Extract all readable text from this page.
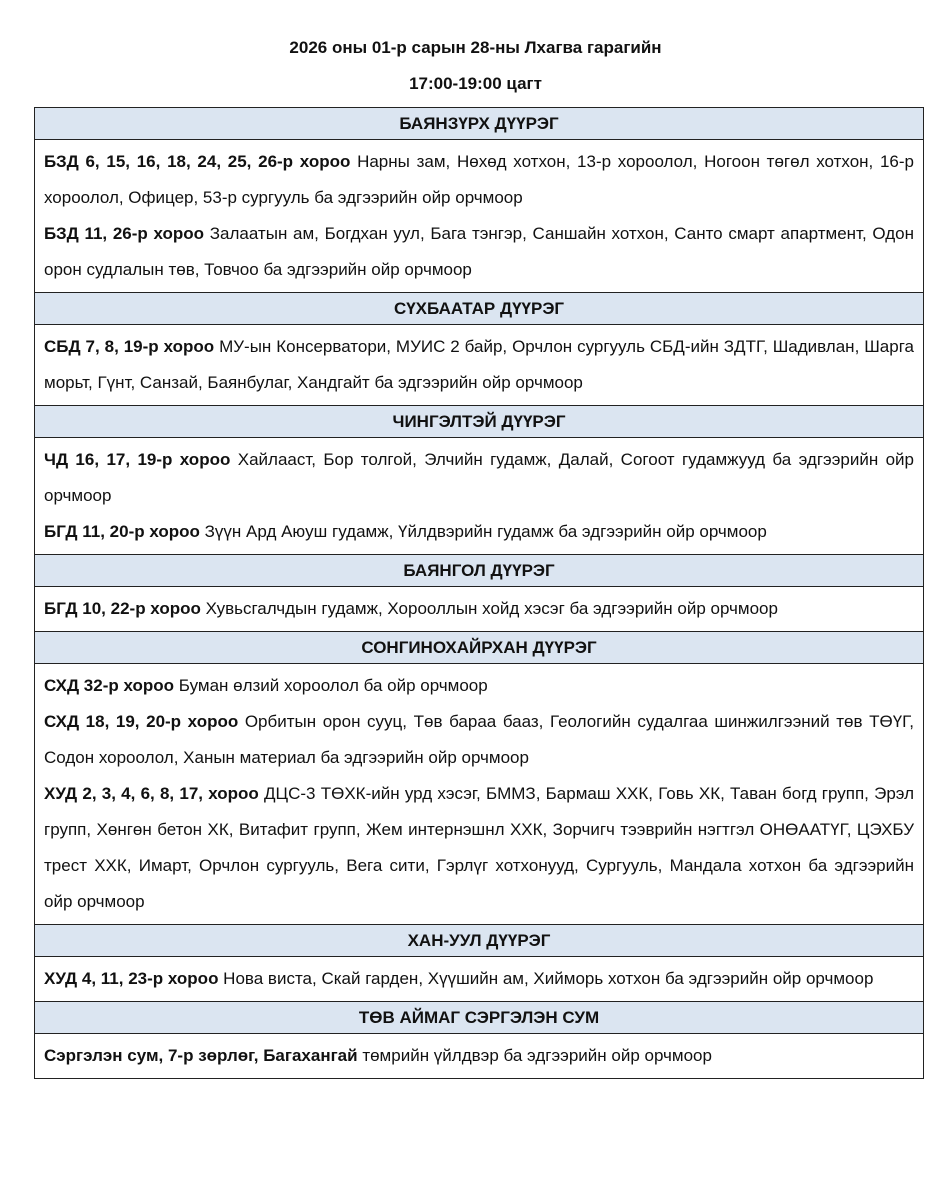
2026 оны 01-р сарын 28-ны Лхагва гарагийн
17:00-19:00 цагт
БАЯНЗҮРХ ДҮҮРЭГ

БЗД 6, 15, 16, 18, 24, 25, 26-р хороо Нарны зам, Нөхөд хотхон, 13-р хороолол, Ногоон төгөл хотхон, 16-р хороолол, Офицер, 53-р сургууль ба эдгээрийн ойр орчмоор
БЗД 11, 26-р хороо Залаатын ам, Богдхан уул, Бага тэнгэр, Саншайн хотхон, Санто смарт апартмент, Одон орон судлалын төв, Товчоо ба эдгээрийн ойр орчмоор

СҮХБААТАР ДҮҮРЭГ

СБД 7, 8, 19-р хороо МУ-ын Консерватори, МУИС 2 байр, Орчлон сургууль СБД-ийн ЗДТГ, Шадивлан, Шарга морьт, Гүнт, Санзай, Баянбулаг, Хандгайт ба эдгээрийн ойр орчмоор

ЧИНГЭЛТЭЙ ДҮҮРЭГ

ЧД 16, 17, 19-р хороо Хайлааст, Бор толгой, Элчийн гудамж, Далай, Согоот гудамжууд ба эдгээрийн ойр орчмоор
БГД 11, 20-р хороо Зүүн Ард Аюуш гудамж, Үйлдвэрийн гудамж ба эдгээрийн ойр орчмоор

БАЯНГОЛ ДҮҮРЭГ

БГД 10, 22-р хороо Хувьсгалчдын гудамж, Хорооллын хойд хэсэг ба эдгээрийн ойр орчмоор

СОНГИНОХАЙРХАН ДҮҮРЭГ

СХД 32-р хороо Буман өлзий хороолол ба ойр орчмоор
СХД 18, 19, 20-р хороо Орбитын орон сууц, Төв бараа бааз, Геологийн судалгаа шинжилгээний төв ТӨҮГ, Содон хороолол, Ханын материал ба эдгээрийн ойр орчмоор
ХУД 2, 3, 4, 6, 8, 17, хороо ДЦС-3 ТӨХК-ийн урд хэсэг, БММЗ, Бармаш ХХК, Говь ХК, Таван богд групп, Эрэл групп, Хөнгөн бетон ХК, Витафит групп, Жем интернэшнл ХХК, Зорчигч тээврийн нэгтгэл ОНӨААТҮГ, ЦЭХБУ трест ХХК, Имарт, Орчлон сургууль, Вега сити, Гэрлүг хотхонууд, Сургууль, Мандала хотхон ба эдгээрийн ойр орчмоор

ХАН-УУЛ ДҮҮРЭГ

ХУД 4, 11, 23-р хороо Нова виста, Скай гарден, Хүүшийн ам, Хийморь хотхон ба эдгээрийн ойр орчмоор

ТӨВ АЙМАГ СЭРГЭЛЭН СУМ

Сэргэлэн сум, 7-р зөрлөг, Багахангай төмрийн үйлдвэр ба эдгээрийн ойр орчмоор
